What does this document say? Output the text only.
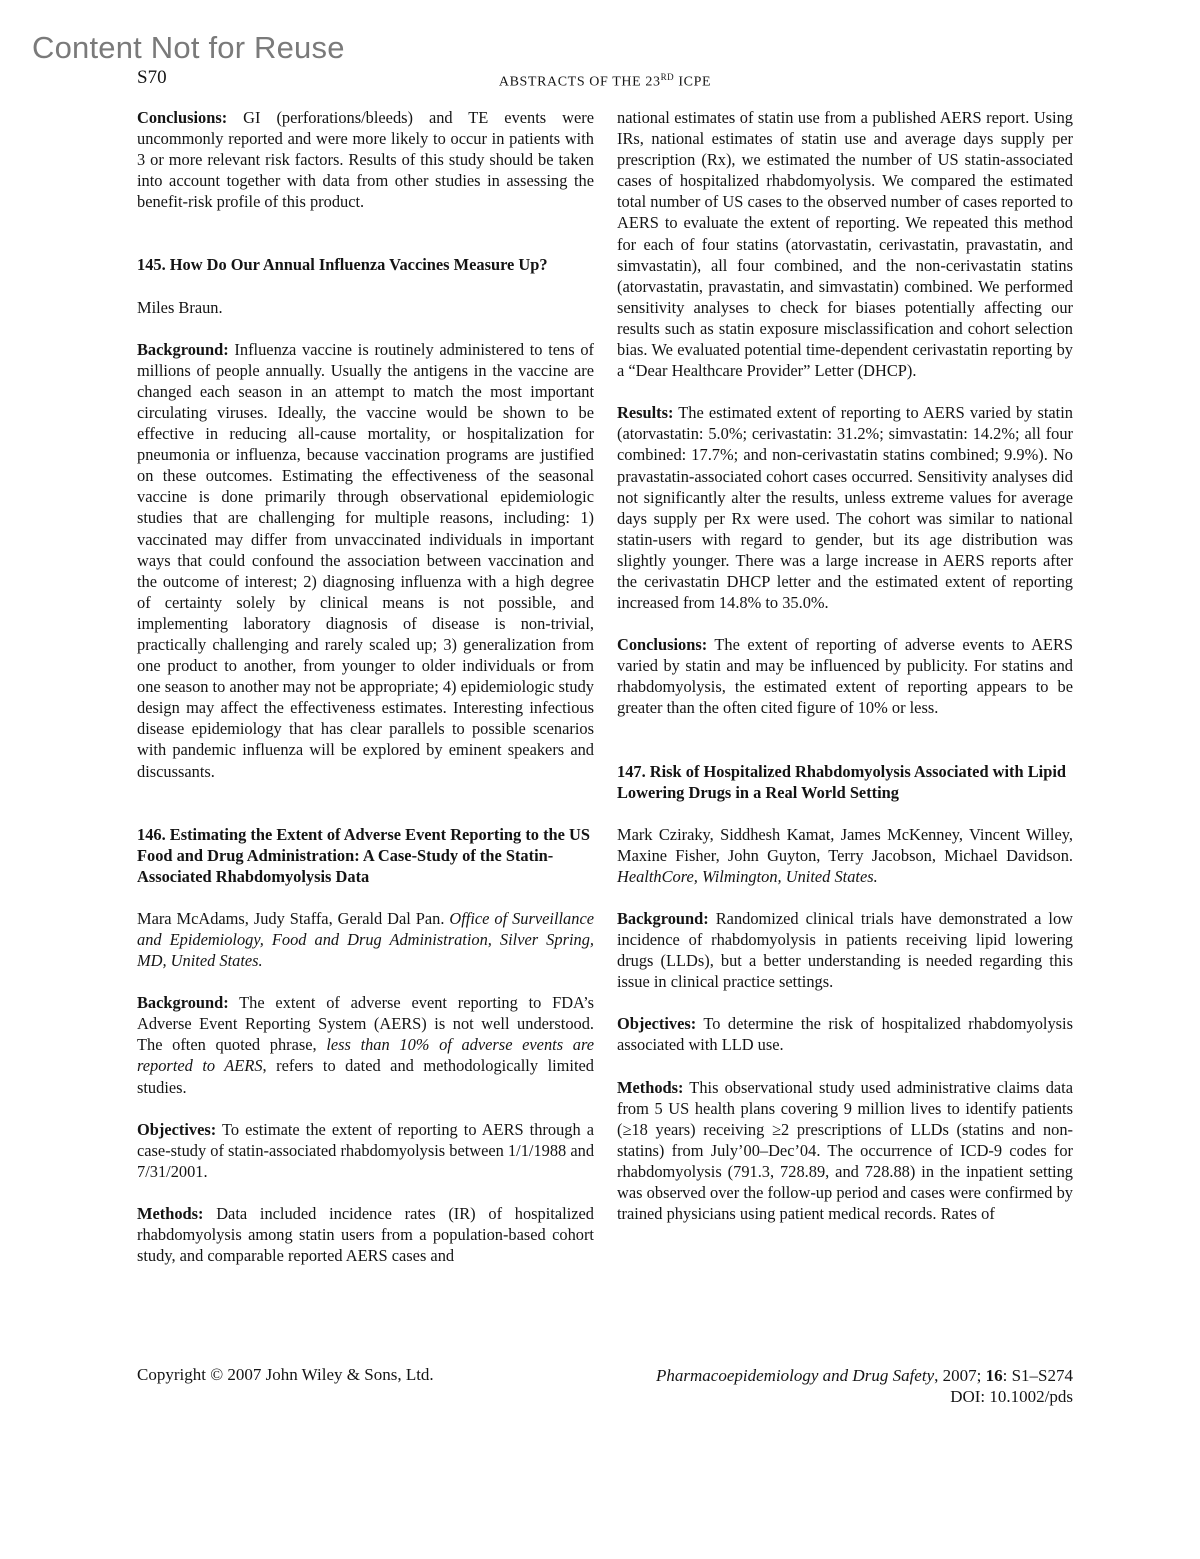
Content Not for Reuse
S70	ABSTRACTS OF THE 23RD ICPE

Conclusions: GI (perforations/bleeds) and TE events were uncommonly reported and were more likely to occur in patients with 3 or more relevant risk factors. Results of this study should be taken into account together with data from other studies in assessing the benefit-risk profile of this product.

145. How Do Our Annual Influenza Vaccines Measure Up?

Miles Braun.

Background: Influenza vaccine is routinely administered to tens of millions of people annually. Usually the antigens in the vaccine are changed each season in an attempt to match the most important circulating viruses. Ideally, the vaccine would be shown to be effective in reducing all-cause mortality, or hospitalization for pneumonia or influenza, because vaccination programs are justified on these outcomes. Estimating the effectiveness of the seasonal vaccine is done primarily through observational epidemiologic studies that are challenging for multiple reasons, including: 1) vaccinated may differ from unvaccinated individuals in important ways that could confound the association between vaccination and the outcome of interest; 2) diagnosing influenza with a high degree of certainty solely by clinical means is not possible, and implementing laboratory diagnosis of disease is non-trivial, practically challenging and rarely scaled up; 3) generalization from one product to another, from younger to older individuals or from one season to another may not be appropriate; 4) epidemiologic study design may affect the effectiveness estimates. Interesting infectious disease epidemiology that has clear parallels to possible scenarios with pandemic influenza will be explored by eminent speakers and discussants.

146. Estimating the Extent of Adverse Event Reporting to the US Food and Drug Administration: A Case-Study of the Statin-Associated Rhabdomyolysis Data

Mara McAdams, Judy Staffa, Gerald Dal Pan. Office of Surveillance and Epidemiology, Food and Drug Administration, Silver Spring, MD, United States.

Background: The extent of adverse event reporting to FDA’s Adverse Event Reporting System (AERS) is not well understood. The often quoted phrase, less than 10% of adverse events are reported to AERS, refers to dated and methodologically limited studies.

Objectives: To estimate the extent of reporting to AERS through a case-study of statin-associated rhabdomyolysis between 1/1/1988 and 7/31/2001.

Methods: Data included incidence rates (IR) of hospitalized rhabdomyolysis among statin users from a population-based cohort study, and comparable reported AERS cases and

national estimates of statin use from a published AERS report. Using IRs, national estimates of statin use and average days supply per prescription (Rx), we estimated the number of US statin-associated cases of hospitalized rhabdomyolysis. We compared the estimated total number of US cases to the observed number of cases reported to AERS to evaluate the extent of reporting. We repeated this method for each of four statins (atorvastatin, cerivastatin, pravastatin, and simvastatin), all four combined, and the non-cerivastatin statins (atorvastatin, pravastatin, and simvastatin) combined. We performed sensitivity analyses to check for biases potentially affecting our results such as statin exposure misclassification and cohort selection bias. We evaluated potential time-dependent cerivastatin reporting by a “Dear Healthcare Provider” Letter (DHCP).

Results: The estimated extent of reporting to AERS varied by statin (atorvastatin: 5.0%; cerivastatin: 31.2%; simvastatin: 14.2%; all four combined: 17.7%; and non-cerivastatin statins combined; 9.9%). No pravastatin-associated cohort cases occurred. Sensitivity analyses did not significantly alter the results, unless extreme values for average days supply per Rx were used. The cohort was similar to national statin-users with regard to gender, but its age distribution was slightly younger. There was a large increase in AERS reports after the cerivastatin DHCP letter and the estimated extent of reporting increased from 14.8% to 35.0%.

Conclusions: The extent of reporting of adverse events to AERS varied by statin and may be influenced by publicity. For statins and rhabdomyolysis, the estimated extent of reporting appears to be greater than the often cited figure of 10% or less.

147. Risk of Hospitalized Rhabdomyolysis Associated with Lipid Lowering Drugs in a Real World Setting

Mark Cziraky, Siddhesh Kamat, James McKenney, Vincent Willey, Maxine Fisher, John Guyton, Terry Jacobson, Michael Davidson. HealthCore, Wilmington, United States.

Background: Randomized clinical trials have demonstrated a low incidence of rhabdomyolysis in patients receiving lipid lowering drugs (LLDs), but a better understanding is needed regarding this issue in clinical practice settings.

Objectives: To determine the risk of hospitalized rhabdomyolysis associated with LLD use.

Methods: This observational study used administrative claims data from 5 US health plans covering 9 million lives to identify patients (≥18 years) receiving ≥2 prescriptions of LLDs (statins and non-statins) from July’00–Dec’04. The occurrence of ICD-9 codes for rhabdomyolysis (791.3, 728.89, and 728.88) in the inpatient setting was observed over the follow-up period and cases were confirmed by trained physicians using patient medical records. Rates of

Copyright © 2007 John Wiley & Sons, Ltd.	Pharmacoepidemiology and Drug Safety, 2007; 16: S1–S274
DOI: 10.1002/pds
